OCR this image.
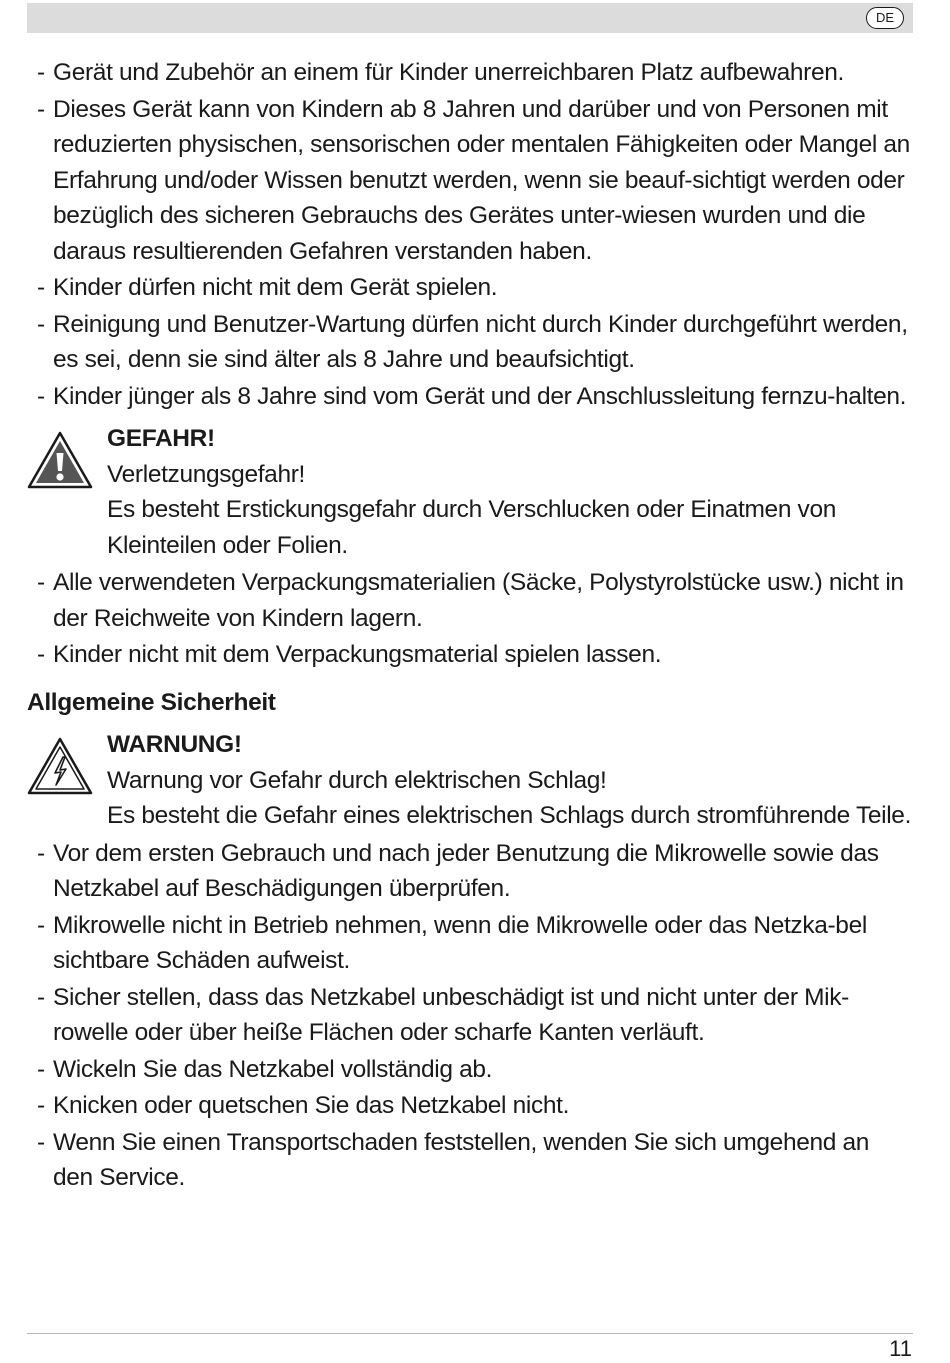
DE
- Gerät und Zubehör an einem für Kinder unerreichbaren Platz aufbewahren.
- Dieses Gerät kann von Kindern ab 8 Jahren und darüber und von Personen mit reduzierten physischen, sensorischen oder mentalen Fähigkeiten oder Mangel an Erfahrung und/oder Wissen benutzt werden, wenn sie beauf-sichtigt werden oder bezüglich des sicheren Gebrauchs des Gerätes unter-wiesen wurden und die daraus resultierenden Gefahren verstanden haben.
- Kinder dürfen nicht mit dem Gerät spielen.
- Reinigung und Benutzer-Wartung dürfen nicht durch Kinder durchgeführt werden, es sei, denn sie sind älter als 8 Jahre und beaufsichtigt.
- Kinder jünger als 8 Jahre sind vom Gerät und der Anschlussleitung fernzu-halten.
GEFAHR!
Verletzungsgefahr!
Es besteht Erstickungsgefahr durch Verschlucken oder Einatmen von Kleinteilen oder Folien.
- Alle verwendeten Verpackungsmaterialien (Säcke, Polystyrolstücke usw.) nicht in der Reichweite von Kindern lagern.
- Kinder nicht mit dem Verpackungsmaterial spielen lassen.
Allgemeine Sicherheit
WARNUNG!
Warnung vor Gefahr durch elektrischen Schlag!
Es besteht die Gefahr eines elektrischen Schlags durch stromführende Teile.
- Vor dem ersten Gebrauch und nach jeder Benutzung die Mikrowelle sowie das Netzkabel auf Beschädigungen überprüfen.
- Mikrowelle nicht in Betrieb nehmen, wenn die Mikrowelle oder das Netzka-bel sichtbare Schäden aufweist.
- Sicher stellen, dass das Netzkabel unbeschädigt ist und nicht unter der Mik-rowelle oder über heiße Flächen oder scharfe Kanten verläuft.
- Wickeln Sie das Netzkabel vollständig ab.
- Knicken oder quetschen Sie das Netzkabel nicht.
- Wenn Sie einen Transportschaden feststellen, wenden Sie sich umgehend an den Service.
11
